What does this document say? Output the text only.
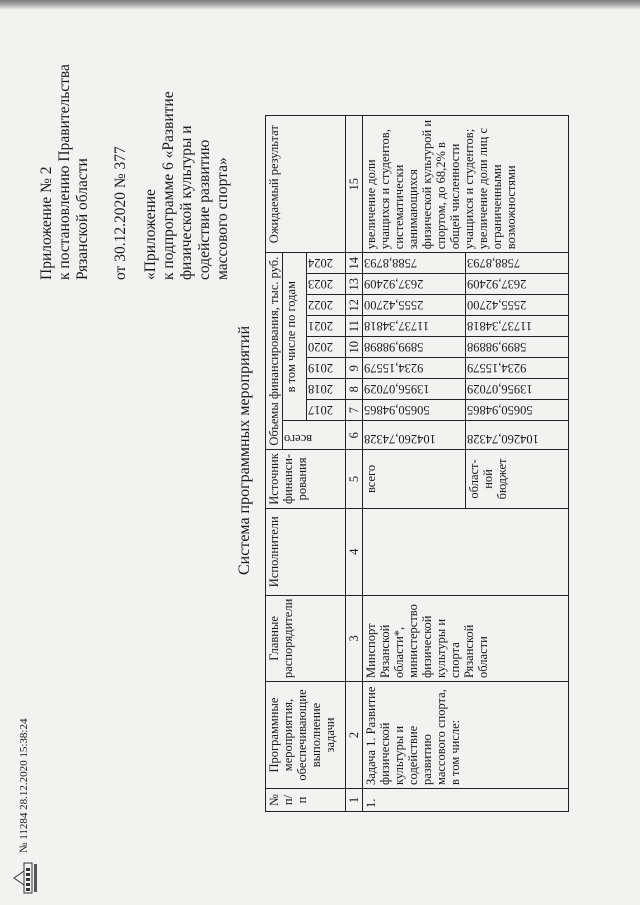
Приложение № 2 к постановлению Правительства Рязанской области от 30.12.2020 № 377 «Приложение к подпрограмме 6 «Развитие физической культуры и содействие развитию массового спорта»
Система программных мероприятий
№ п/п	Программные мероприятия, обеспечивающие выполнение задачи	Главные распорядители	Исполнители	Источник финанси-рования	Объемы финансирования, тыс. руб.									Ожидаемый результат

					всего	в том числе по годам								

						2017	2018	2019	2020	2021	2022	2023	2024	

1	2	3	4	5	6	7	8	9	10	11	12	13	14	15
1.	Задача 1. Развитие физической культуры и содействие развитию массового спорта, в том числе:	Минспорт Рязанской области*, министерство физической культуры и спорта Рязанской области		всего	104260,74328	50650,94865	13956,07029	9234,15579	5899,98898	11737,34818	2555,42700	2637,92409	7588,8793	увеличение доли учащихся и студентов, систематически занимающихся физической культурой и спортом, до 68,2% в общей численности учащихся и студентов; увеличение доли лиц с ограниченными возможностями
				област-ной бюджет	104260,74328	50650,94865	13956,07029	9234,15579	5899,98898	11737,34818	2555,42700	2637,92409	7588,8793	
№ 11284 28.12.2020 15:38:24
